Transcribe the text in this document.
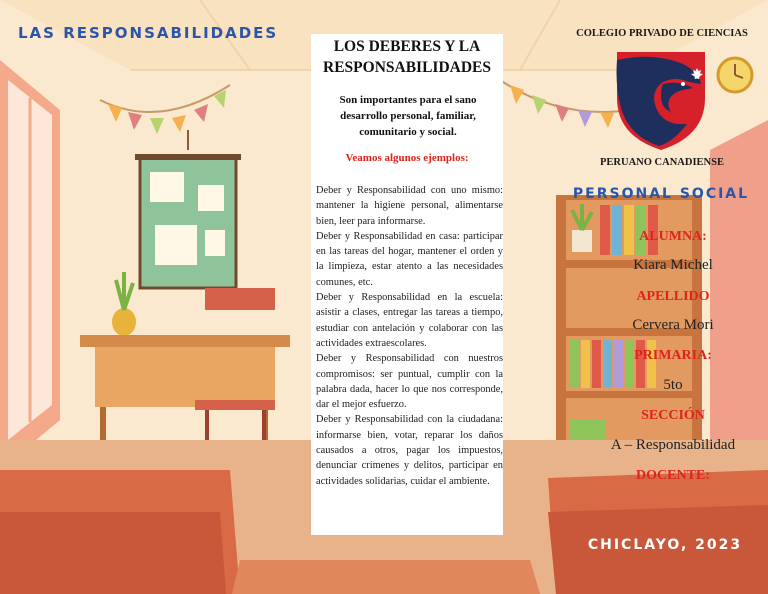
LAS RESPONSABILIDADES
LOS DEBERES Y LA
RESPONSABILIDADES
Son importantes para el sano desarrollo personal, familiar, comunitario y social.
Veamos algunos ejemplos:

Deber y Responsabilidad con uno mismo: mantener la higiene personal, alimentarse bien, leer para informarse.

Deber y Responsabilidad en casa: participar en las tareas del hogar, mantener el orden y la limpieza, estar atento a las necesidades comunes, etc.

Deber y Responsabilidad en la escuela: asistir a clases, entregar las tareas a tiempo, estudiar con antelación y colaborar con las actividades extraescolares.

Deber y Responsabilidad con nuestros compromisos: ser puntual, cumplir con la palabra dada, hacer lo que nos corresponde, dar el mejor esfuerzo.

Deber y Responsabilidad con la ciudadana: informarse bien, votar, reparar los daños causados a otros, pagar los impuestos, denunciar crímenes y delitos, participar en actividades solidarias, cuidar el ambiente.

COLEGIO PRIVADO DE CIENCIAS
PERUANO CANADIENSE
PERSONAL SOCIAL
ALUMNA:
Kiara Michel
APELLIDO
Cervera Mori
PRIMARIA:
5to
SECCIÓN
A – Responsabilidad
DOCENTE:
CHICLAYO, 2023
